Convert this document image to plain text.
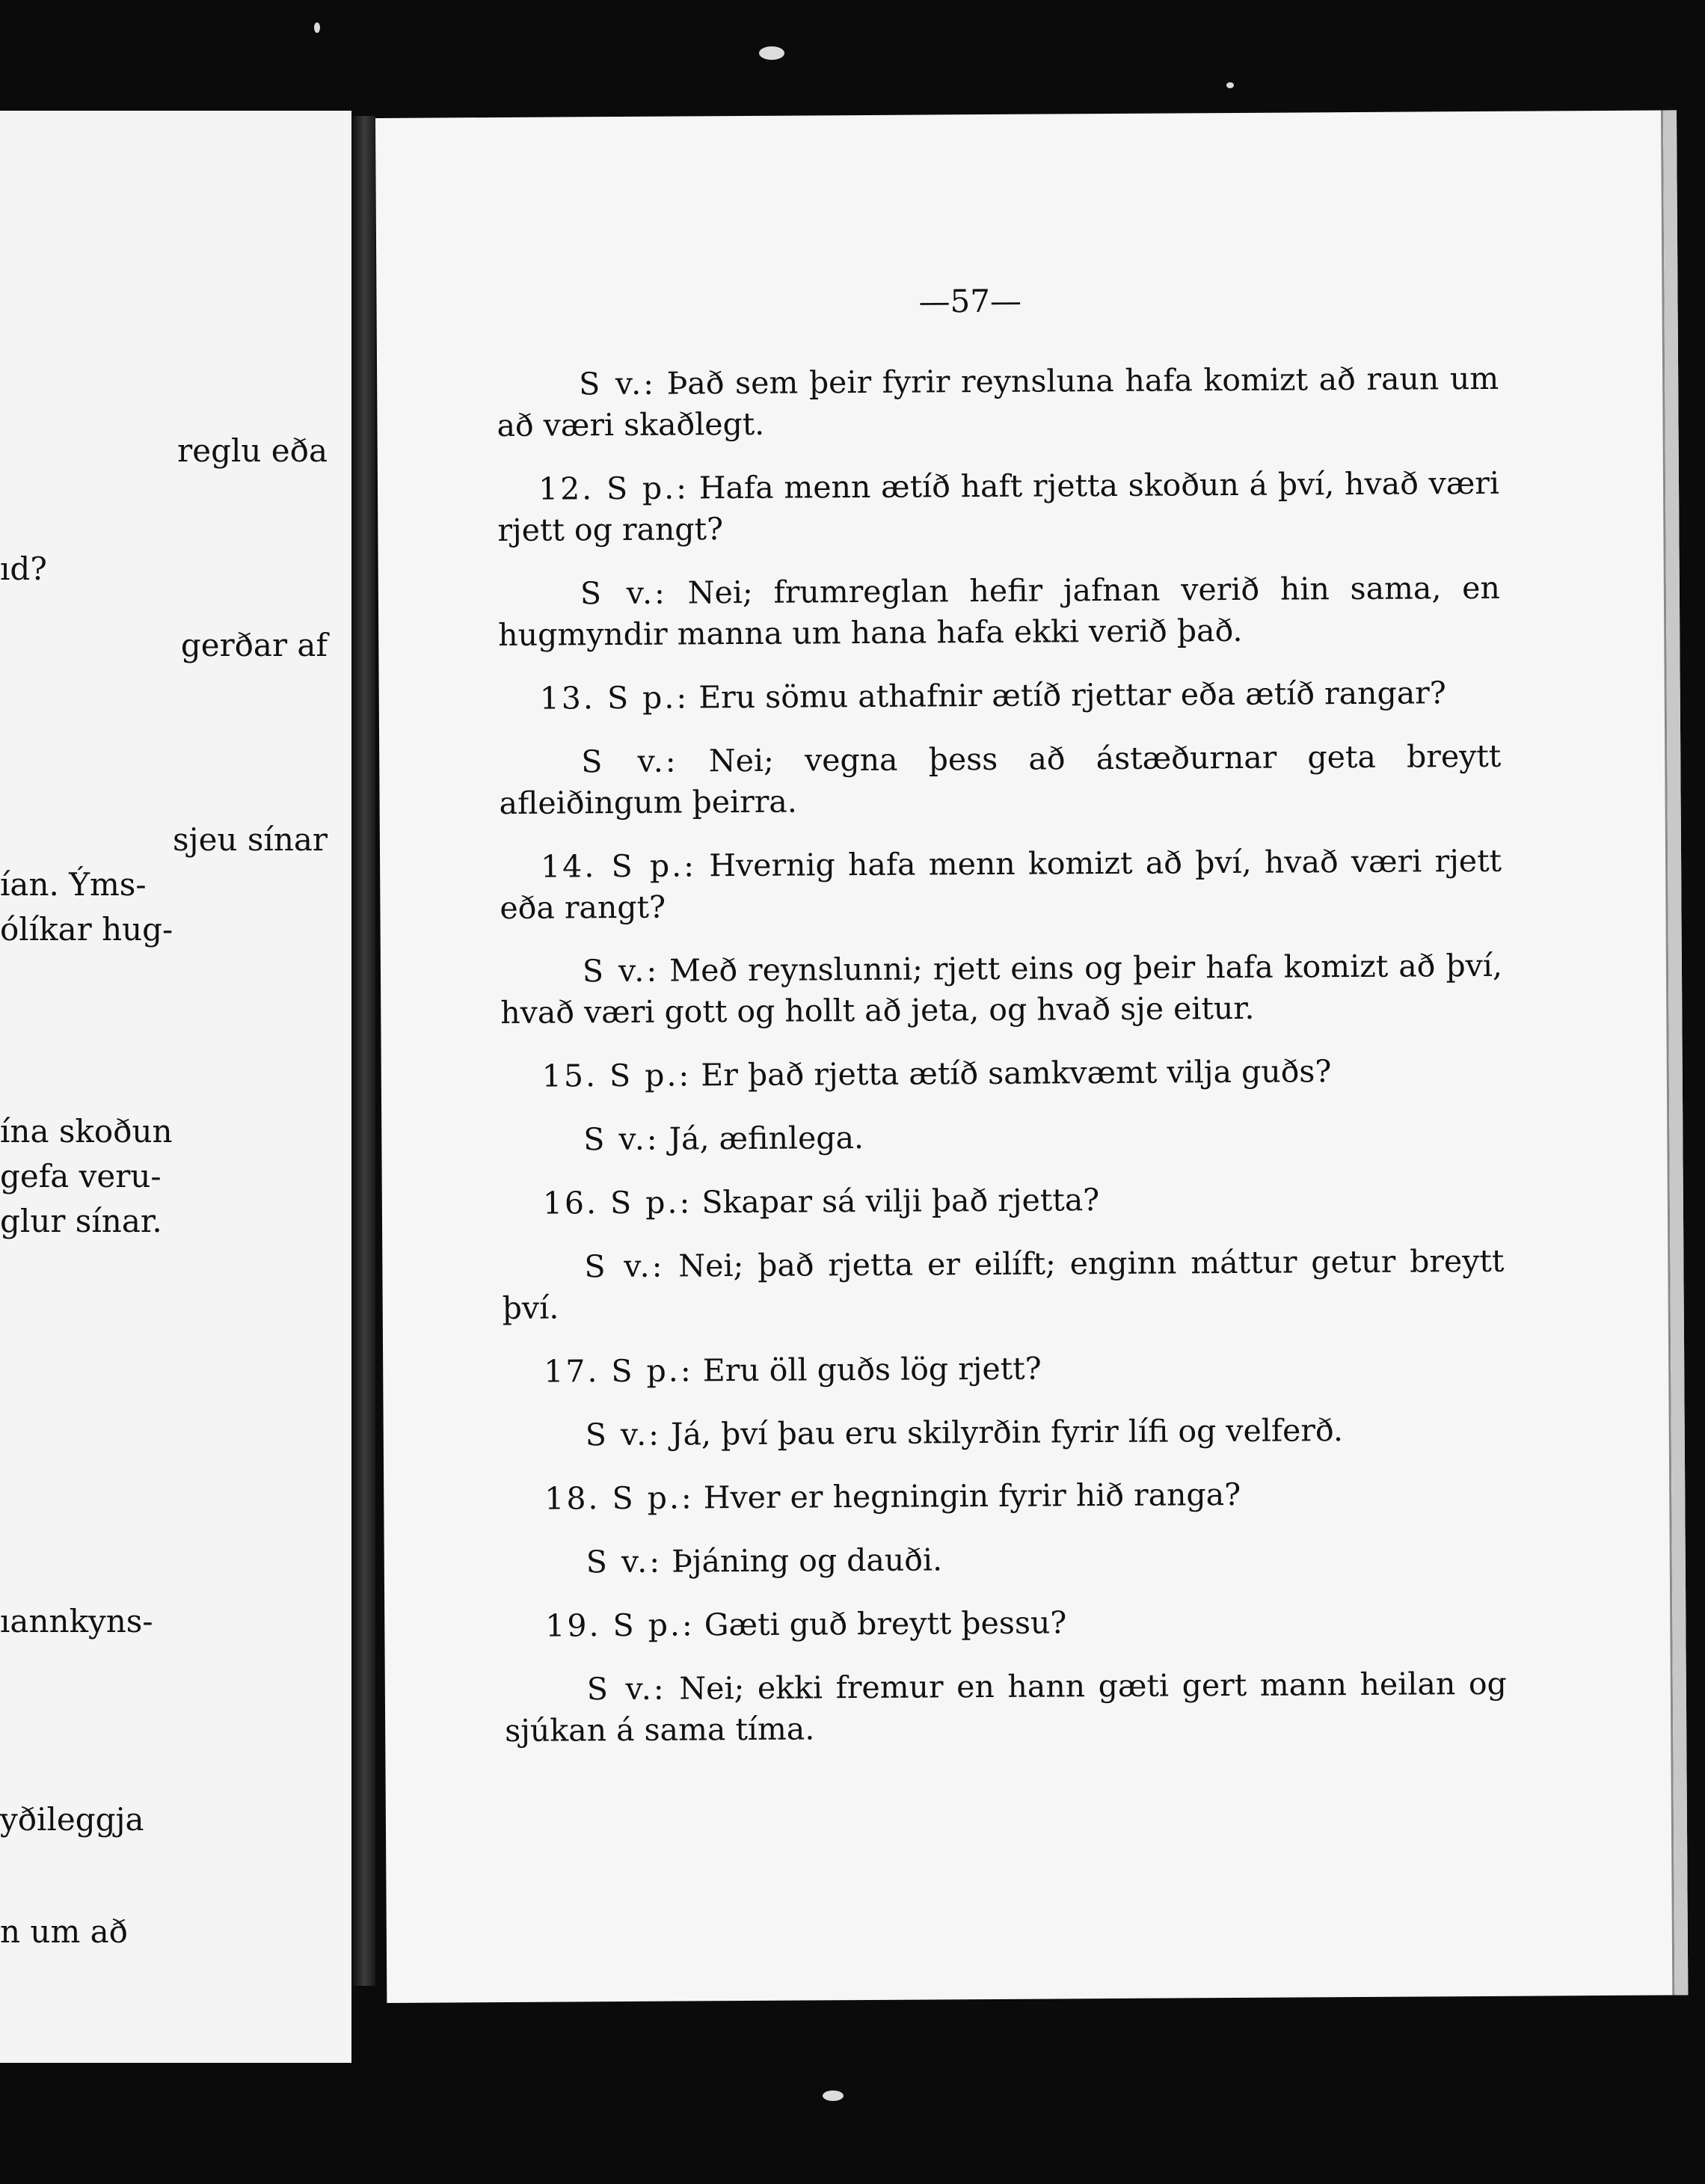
reglu eða
ıd?
gerðar af
sjeu sínar
ían. Ýms-
ólíkar hug-
ína skoðun
gefa veru-
glur sínar.
ıannkyns-
yðileggja
n um að
—57—

S v.: Það sem þeir fyrir reynsluna hafa komizt að raun um að væri skaðlegt.

12. S p.: Hafa menn ætíð haft rjetta skoðun á því, hvað væri rjett og rangt?

S v.: Nei; frumreglan hefir jafnan verið hin sama, en hugmyndir manna um hana hafa ekki verið það.

13. S p.: Eru sömu athafnir ætíð rjettar eða ætíð rangar?

S v.: Nei; vegna þess að ástæðurnar geta breytt afleiðingum þeirra.

14. S p.: Hvernig hafa menn komizt að því, hvað væri rjett eða rangt?

S v.: Með reynslunni; rjett eins og þeir hafa komizt að því, hvað væri gott og hollt að jeta, og hvað sje eitur.

15. S p.: Er það rjetta ætíð samkvæmt vilja guðs?

S v.: Já, æfinlega.

16. S p.: Skapar sá vilji það rjetta?

S v.: Nei; það rjetta er eilíft; enginn máttur getur breytt því.

17. S p.: Eru öll guðs lög rjett?

S v.: Já, því þau eru skilyrðin fyrir lífi og velferð.

18. S p.: Hver er hegningin fyrir hið ranga?

S v.: Þjáning og dauði.

19. S p.: Gæti guð breytt þessu?

S v.: Nei; ekki fremur en hann gæti gert mann heilan og sjúkan á sama tíma.
